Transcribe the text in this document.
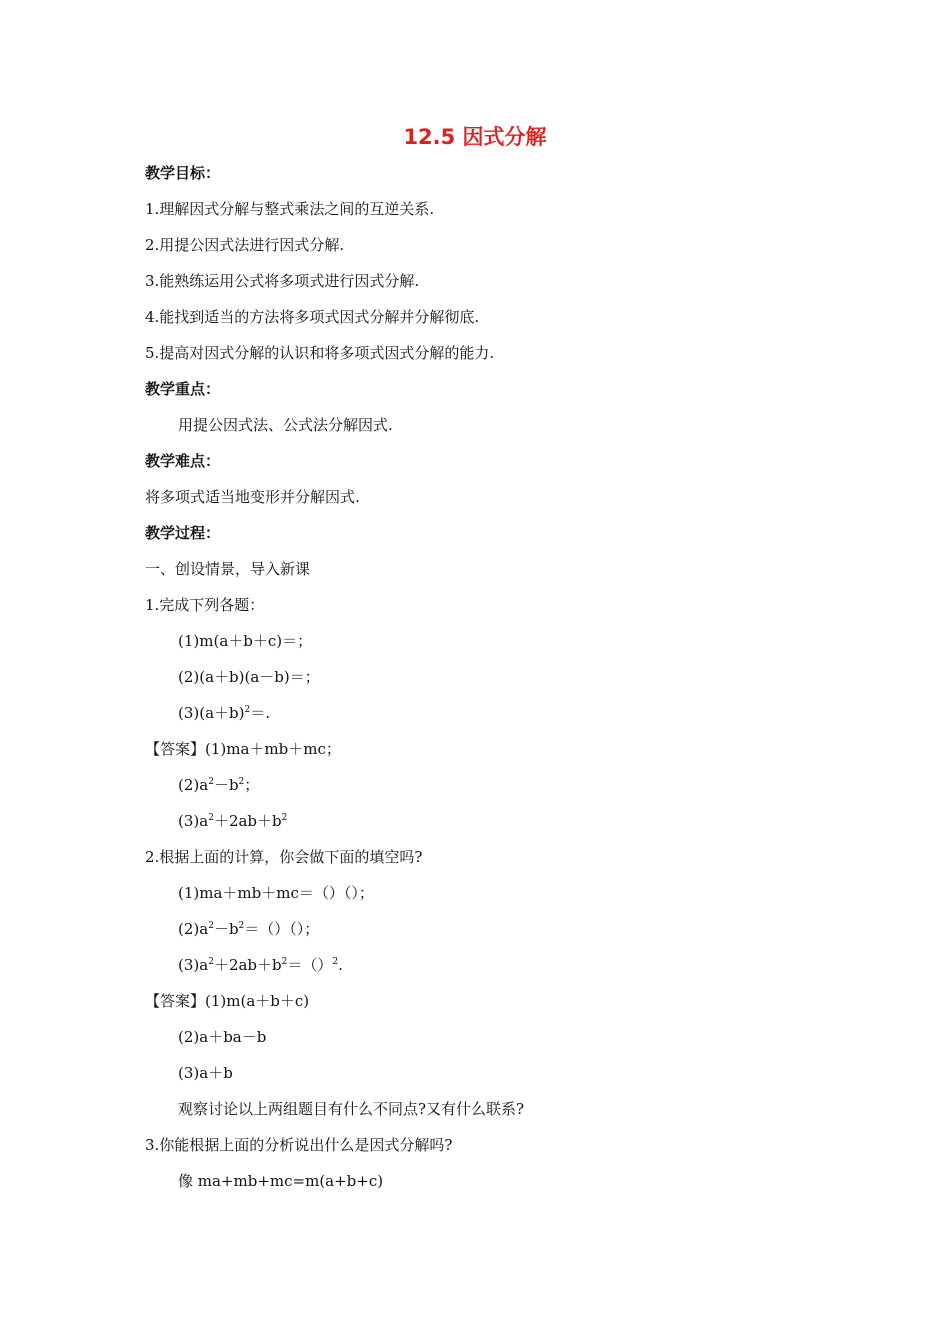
12.5 因式分解
教学目标：
1.理解因式分解与整式乘法之间的互逆关系.
2.用提公因式法进行因式分解.
3.能熟练运用公式将多项式进行因式分解.
4.能找到适当的方法将多项式因式分解并分解彻底.
5.提高对因式分解的认识和将多项式因式分解的能力.
教学重点：
用提公因式法、公式法分解因式.
教学难点：
将多项式适当地变形并分解因式.
教学过程：
一、创设情景，导入新课
1.完成下列各题：
(1)m(a＋b＋c)＝；
(2)(a＋b)(a－b)＝；
$(3)(a+b)^2=$.
【答案】(1)ma＋mb＋mc；
$(2)a^2-b^2$；
$(3)a^2+2ab+b^2$
2.根据上面的计算，你会做下面的填空吗?
(1)ma＋mb＋mc＝（）（）；
$(2)a^2-b^2=()()$；
$(3)a^2+2ab+b^2=()^2$.
【答案】(1)m(a＋b＋c)
(2)a＋ba－b
(3)a＋b
观察讨论以上两组题目有什么不同点?又有什么联系?
3.你能根据上面的分析说出什么是因式分解吗?
像 ma+mb+mc=m(a+b+c)
